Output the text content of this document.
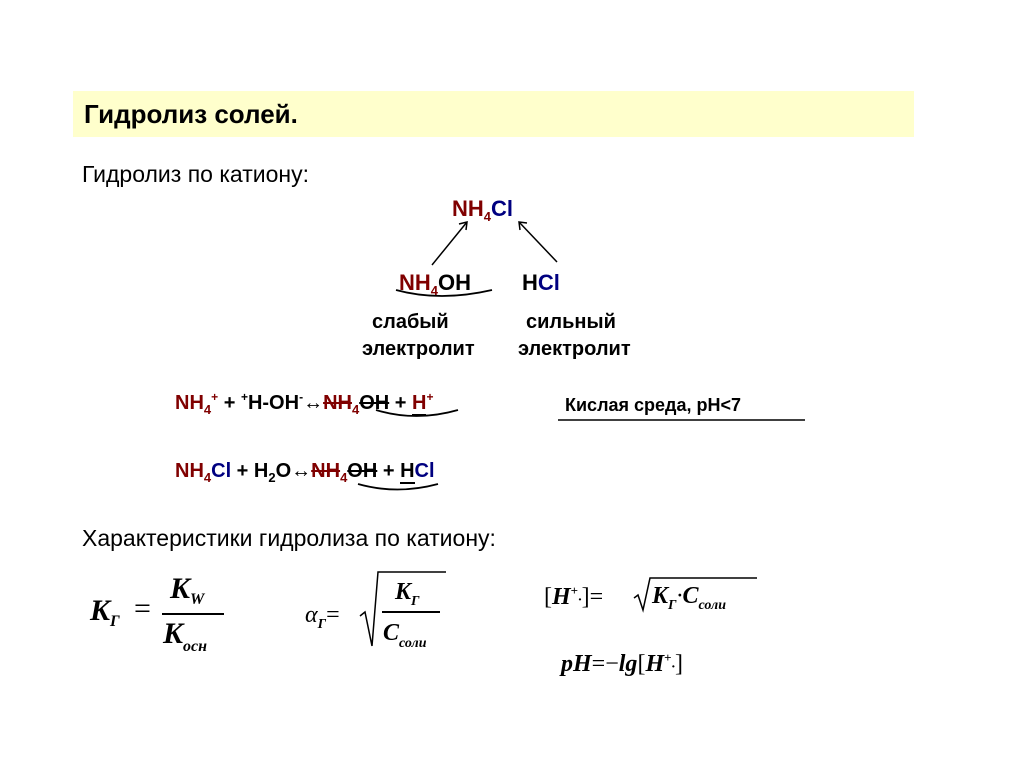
Гидролиз солей.
Гидролиз по катиону:
$NH_4Cl$
$NH_4OH$ HCl
слабый
электролит
сильный
электролит
$NH_4^+$ + $^+H-OH^-\leftrightarrow NH_4OH + H^+$	Кислая среда, рН<7
$NH_4Cl$ + $H_2O\leftrightarrow NH_4OH$ + HCl
Характеристики гидролиза по катиону:
$K_Г$ =
$K_W$
$K_{осн}$
$\alpha_Г=$
$K_Г$
$C_{соли}$
$[H^+\cdot]= K_Г\cdot C_{соли}$
pH=−lg[H+·]
